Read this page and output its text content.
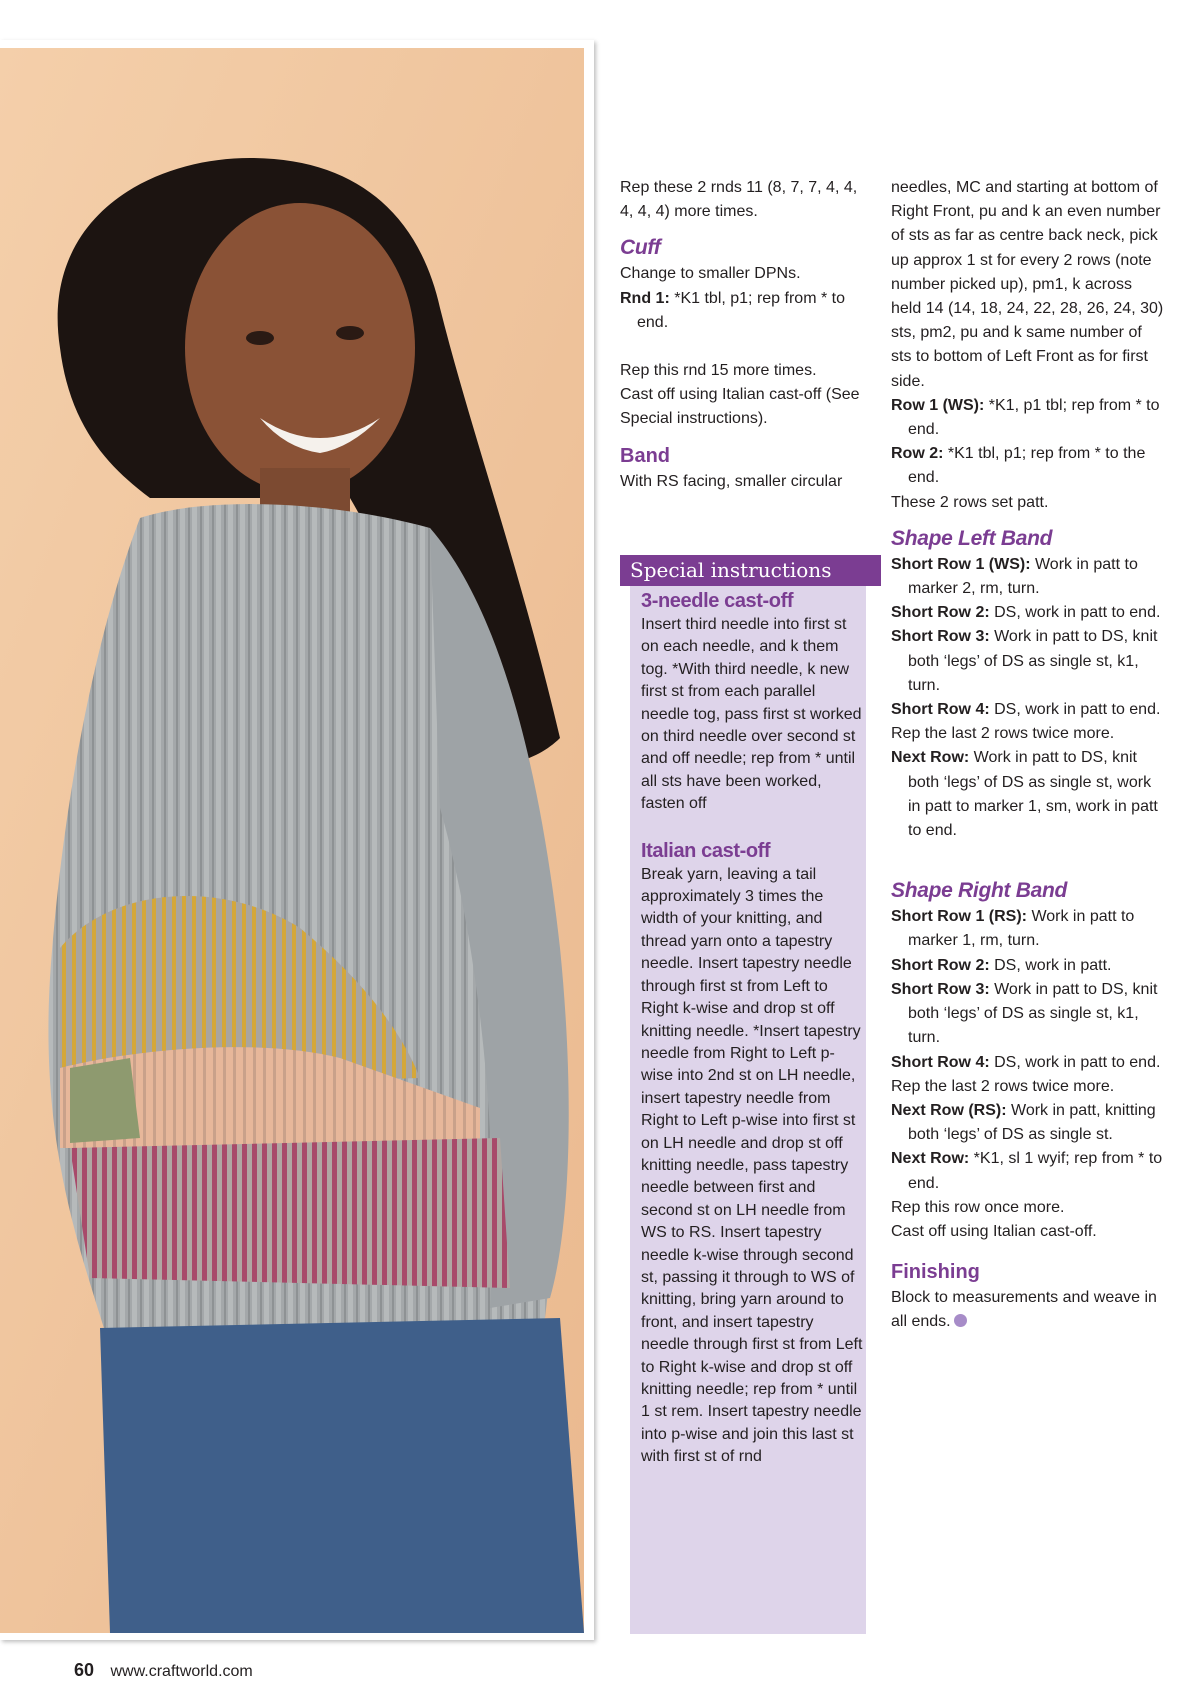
Rep these 2 rnds 11 (8, 7, 7, 4, 4, 4, 4, 4) more times.

Cuff

Change to smaller DPNs.

Rnd 1: *K1 tbl, p1; rep from * to end.

Rep this rnd 15 more times.

Cast off using Italian cast-off (See Special instructions).

Band

With RS facing, smaller circular

Special instructions
3-needle cast-off

Insert third needle into first st on each needle, and k them tog. *With third needle, k new first st from each parallel needle tog, pass first st worked on third needle over second st and off needle; rep from * until all sts have been worked, fasten off

Italian cast-off

Break yarn, leaving a tail approximately 3 times the width of your knitting, and thread yarn onto a tapestry needle. Insert tapestry needle through first st from Left to Right k-wise and drop st off knitting needle. *Insert tapestry needle from Right to Left p-wise into 2nd st on LH needle, insert tapestry needle from Right to Left p-wise into first st on LH needle and drop st off knitting needle, pass tapestry needle between first and second st on LH needle from WS to RS. Insert tapestry needle k-wise through second st, passing it through to WS of knitting, bring yarn around to front, and insert tapestry needle through first st from Left to Right k-wise and drop st off knitting needle; rep from * until 1 st rem. Insert tapestry needle into p-wise and join this last st with first st of rnd

needles, MC and starting at bottom of Right Front, pu and k an even number of sts as far as centre back neck, pick up approx 1 st for every 2 rows (note number picked up), pm1, k across held 14 (14, 18, 24, 22, 28, 26, 24, 30) sts, pm2, pu and k same number of sts to bottom of Left Front as for first side.

Row 1 (WS): *K1, p1 tbl; rep from * to end.

Row 2: *K1 tbl, p1; rep from * to the end.

These 2 rows set patt.

Shape Left Band

Short Row 1 (WS): Work in patt to marker 2, rm, turn.

Short Row 2: DS, work in patt to end.

Short Row 3: Work in patt to DS, knit both ‘legs’ of DS as single st, k1, turn.

Short Row 4: DS, work in patt to end.

Rep the last 2 rows twice more.

Next Row: Work in patt to DS, knit both ‘legs’ of DS as single st, work in patt to marker 1, sm, work in patt to end.

Shape Right Band

Short Row 1 (RS): Work in patt to marker 1, rm, turn.

Short Row 2: DS, work in patt.

Short Row 3: Work in patt to DS, knit both ‘legs’ of DS as single st, k1, turn.

Short Row 4: DS, work in patt to end.

Rep the last 2 rows twice more.

Next Row (RS): Work in patt, knitting both ‘legs’ of DS as single st.

Next Row: *K1, sl 1 wyif; rep from * to end.

Rep this row once more.

Cast off using Italian cast-off.

Finishing

Block to measurements and weave in all ends.

60 www.craftworld.com
